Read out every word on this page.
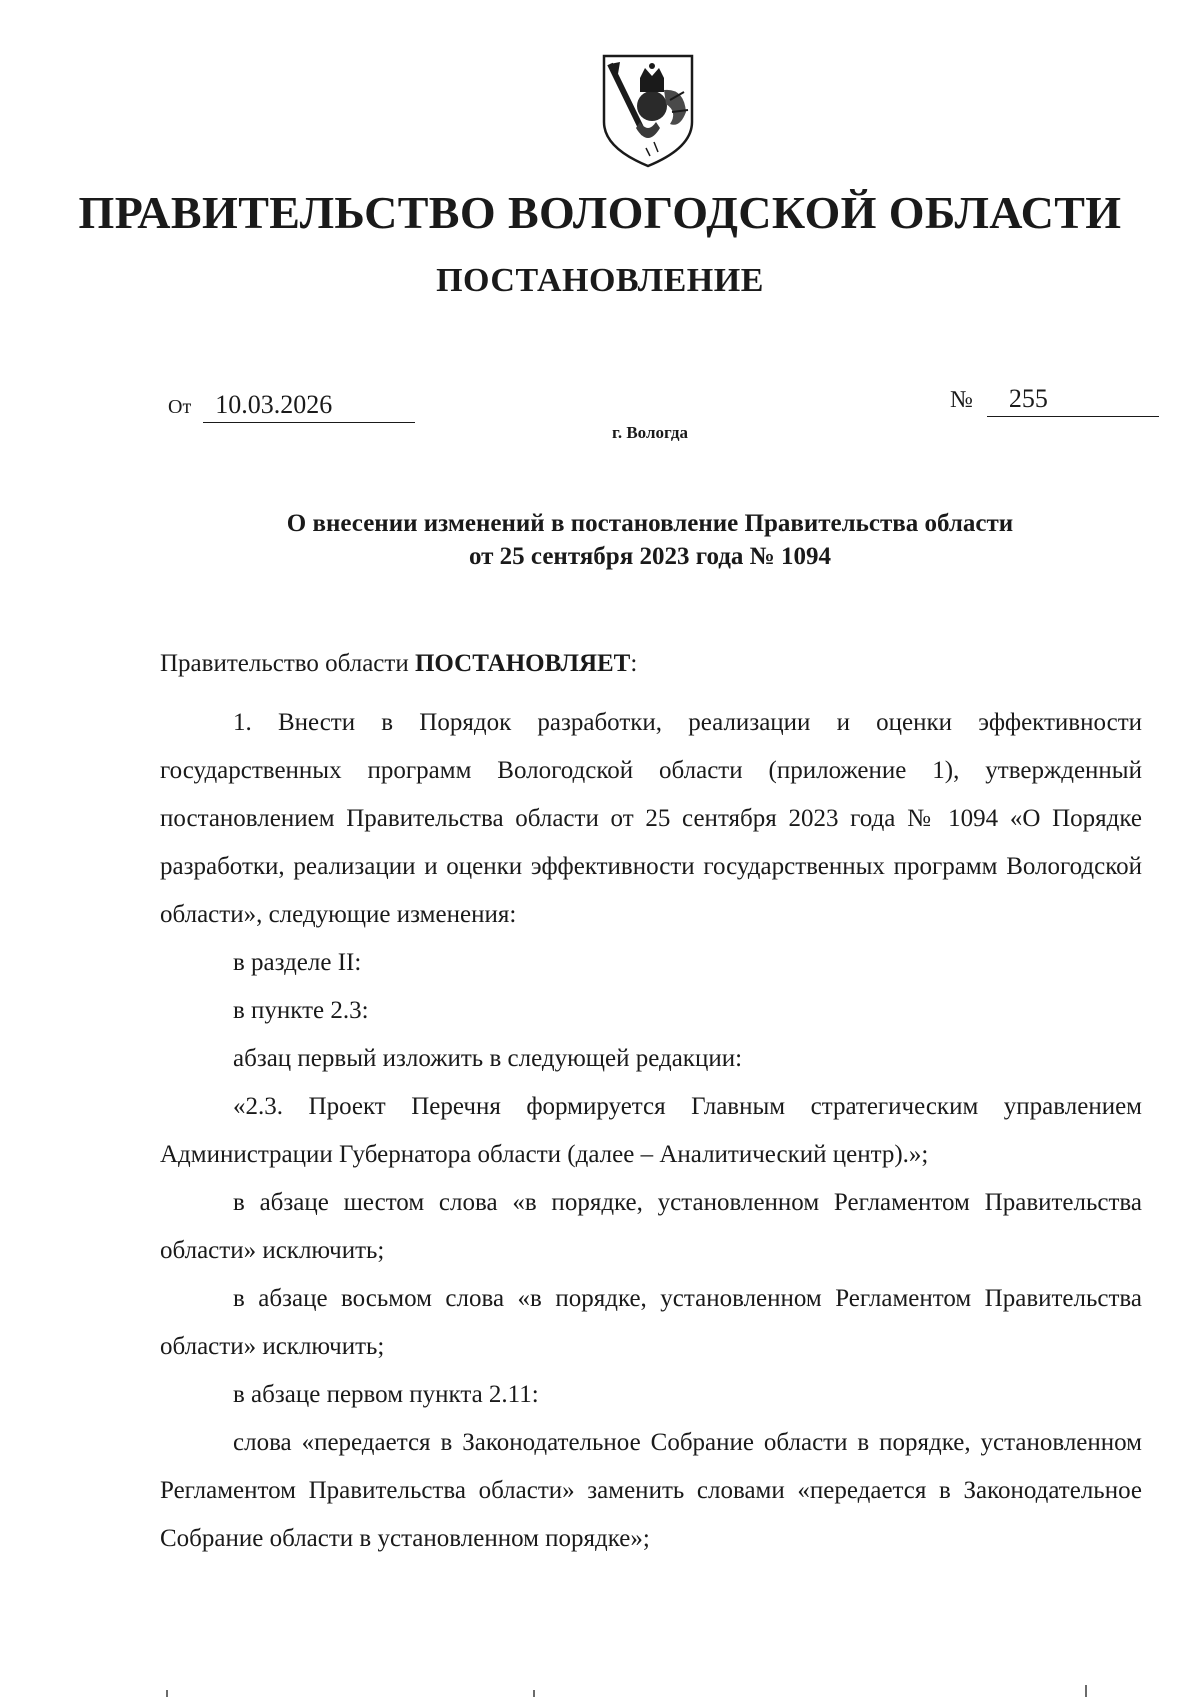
ПРАВИТЕЛЬСТВО ВОЛОГОДСКОЙ ОБЛАСТИ
ПОСТАНОВЛЕНИЕ
От 10.03.2026	№ 255
г. Вологда
О внесении изменений в постановление Правительства области
от 25 сентября 2023 года № 1094

Правительство области ПОСТАНОВЛЯЕТ:

1. Внести в Порядок разработки, реализации и оценки эффективности государственных программ Вологодской области (приложение 1), утвержденный постановлением Правительства области от 25 сентября 2023 года № 1094 «О Порядке разработки, реализации и оценки эффективности государственных программ Вологодской области», следующие изменения:

в разделе II:

в пункте 2.3:

абзац первый изложить в следующей редакции:

«2.3. Проект Перечня формируется Главным стратегическим управлением Администрации Губернатора области (далее – Аналитический центр).»;

в абзаце шестом слова «в порядке, установленном Регламентом Правительства области» исключить;

в абзаце восьмом слова «в порядке, установленном Регламентом Правительства области» исключить;

в абзаце первом пункта 2.11:

слова «передается в Законодательное Собрание области в порядке, установленном Регламентом Правительства области» заменить словами «передается в Законодательное Собрание области в установленном порядке»;
